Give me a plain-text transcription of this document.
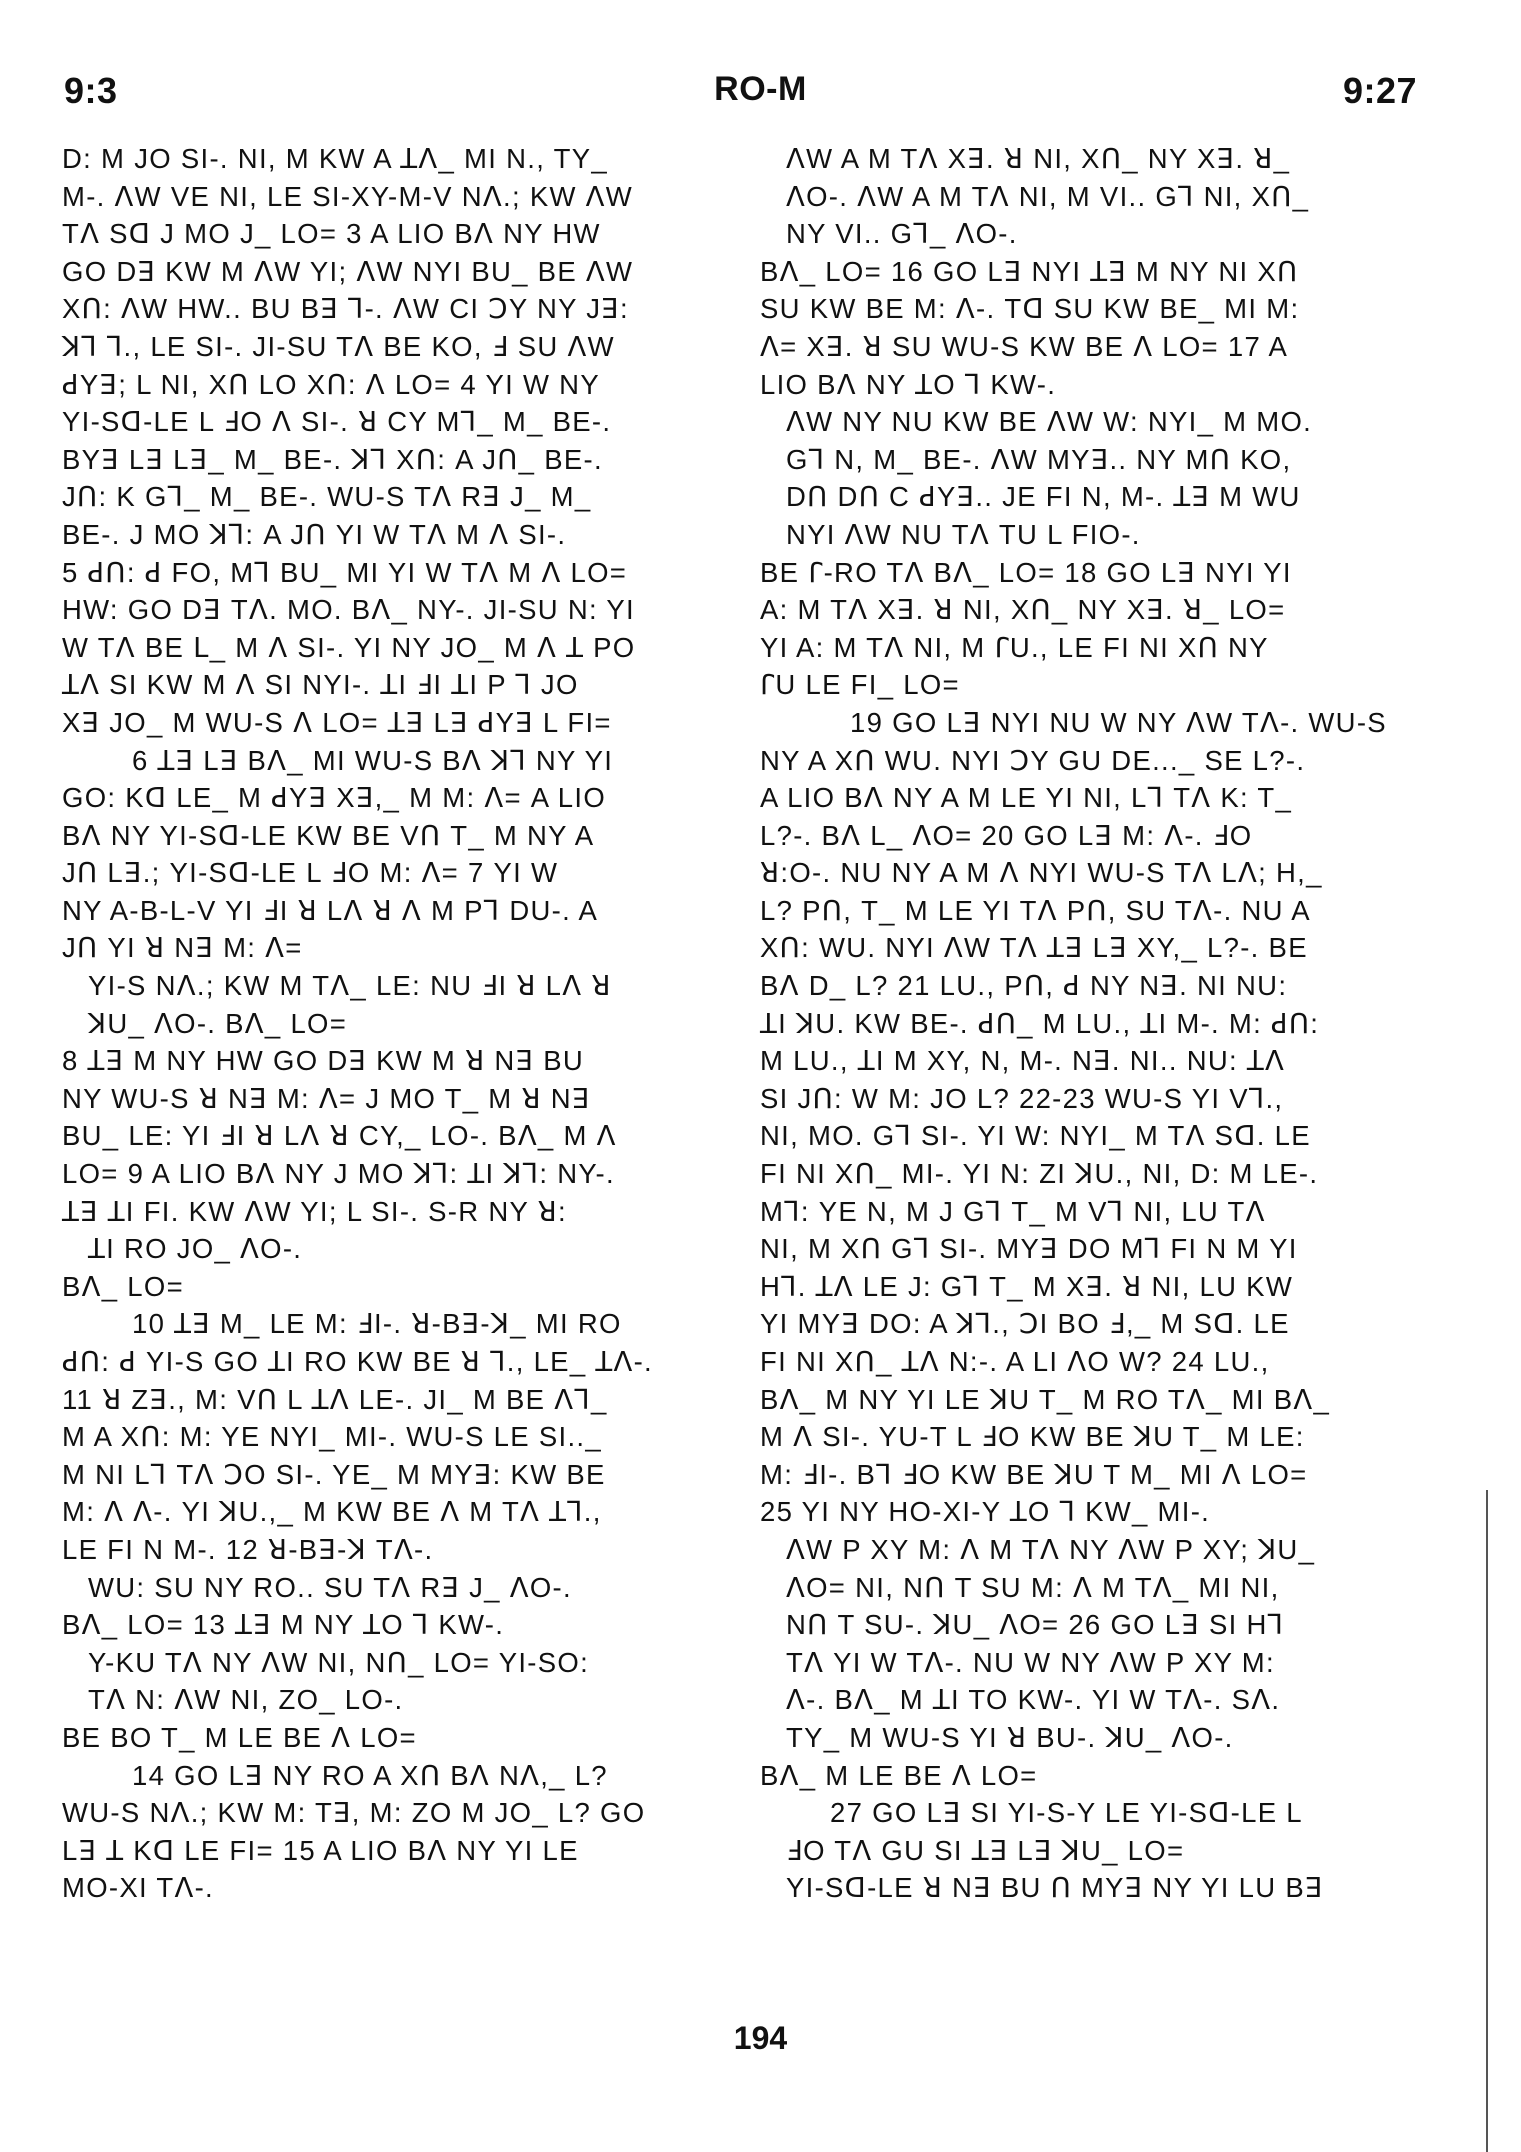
9:3	RO-M	9:27
D: M JO SI-. NI, M KW A ꓕꓥ_ MI N., TY_
M-. ꓥW VE NI, LE SI-XY-M-V Nꓥ.; KW ꓥW
Tꓥ Sꓷ J MO J_ LO= 3 A LIO Bꓥ NY HW
GO Dꓱ KW M ꓥW YI; ꓥW NYI BU_ BE ꓥW
Xꓵ: ꓥW HW.. BU Bꓱ ꓶ-. ꓥW CI ꓛY NY Jꓱ:
ꓘꓶ ꓶ., LE SI-. JI-SU Tꓥ BE KO, ꓞ SU ꓥW
ꓒYꓱ; L NI, Xꓵ LO Xꓵ: ꓥ LO= 4 YI W NY
YI-Sꓷ-LE L ꓞO ꓥ SI-. ꓤ CY Mꓶ_ M_ BE-.
BYꓱ Lꓱ Lꓱ_ M_ BE-. ꓘꓶ Xꓵ: A Jꓵ_ BE-.
Jꓵ: K Gꓶ_ M_ BE-. WU-S Tꓥ Rꓱ J_ M_
BE-. J MO ꓘꓶ: A Jꓵ YI W Tꓥ M ꓥ SI-.
5 ꓒꓵ: ꓒ FO, Mꓶ BU_ MI YI W Tꓥ M ꓥ LO=
HW: GO Dꓱ Tꓥ. MO. Bꓥ_ NY-. JI-SU N: YI
W Tꓥ BE ꓡ_ M ꓥ SI-. YI NY JO_ M ꓥ ꓕ PO
ꓕꓥ SI KW M ꓥ SI NYI-. ꓕI ꓞI ꓕI P ꓶ JO
Xꓱ JO_ M WU-S ꓥ LO= ꓕꓱ Lꓱ ꓒYꓱ L FI=
6 ꓕꓱ Lꓱ Bꓥ_ MI WU-S Bꓥ ꓘꓶ NY YI
GO: Kꓷ LE_ M ꓒYꓱ Xꓱ,_ M M: ꓥ= A LIO
Bꓥ NY YI-Sꓷ-LE KW BE Vꓵ T_ M NY A
Jꓵ Lꓱ.; YI-Sꓷ-LE L ꓞO M: ꓥ= 7 YI W
NY A-B-L-V YI ꓞI ꓤ Lꓥ ꓤ ꓥ M Pꓶ DU-. A
Jꓵ YI ꓤ Nꓱ M: ꓥ=
YI-S Nꓥ.; KW M Tꓥ_ LE: NU ꓞI ꓤ Lꓥ ꓤ
ꓘU_ ꓥO-. Bꓥ_ LO=
8 ꓕꓱ M NY HW GO Dꓱ KW M ꓤ Nꓱ BU
NY WU-S ꓤ Nꓱ M: ꓥ= J MO T_ M ꓤ Nꓱ
BU_ LE: YI ꓞI ꓤ Lꓥ ꓤ CY,_ LO-. Bꓥ_ M ꓥ
LO= 9 A LIO Bꓥ NY J MO ꓘꓶ: ꓕI ꓘꓶ: NY-.
ꓕꓱ ꓕI FI. KW ꓥW YI; L SI-. S-R NY ꓤ:
ꓕI RO JO_ ꓥO-.
Bꓥ_ LO=
10 ꓕꓱ M_ LE M: ꓞI-. ꓤ-Bꓱ-ꓘ_ MI RO
ꓒꓵ: ꓒ YI-S GO ꓕI RO KW BE ꓤ ꓶ., LE_ ꓕꓥ-.
11 ꓤ Zꓱ., M: Vꓵ L ꓕꓥ LE-. JI_ M BE ꓥꓶ_
M A Xꓵ: M: YE NYI_ MI-. WU-S LE SI.._
M NI Lꓶ Tꓥ ꓛO SI-. YE_ M MYꓱ: KW BE
M: ꓥ ꓥ-. YI ꓘU.,_ M KW BE ꓥ M Tꓥ ꓕꓶ.,
LE FI N M-. 12 ꓤ-Bꓱ-ꓘ Tꓥ-.
WU: SU NY RO.. SU Tꓥ Rꓱ J_ ꓥO-.
Bꓥ_ LO= 13 ꓕꓱ M NY ꓕO ꓶ KW-.
Y-KU Tꓥ NY ꓥW NI, Nꓵ_ LO= YI-SO:
Tꓥ N: ꓥW NI, ZO_ LO-.
BE BO T_ M LE BE ꓥ LO=
14 GO Lꓱ NY RO A Xꓵ Bꓥ Nꓥ,_ L?
WU-S Nꓥ.; KW M: Tꓱ, M: ZO M JO_ L? GO
Lꓱ ꓕ Kꓷ LE FI= 15 A LIO Bꓥ NY YI LE
MO-XI Tꓥ-.
ꓥW A M Tꓥ Xꓱ. ꓤ NI, Xꓵ_ NY Xꓱ. ꓤ_
ꓥO-. ꓥW A M Tꓥ NI, M VI.. Gꓶ NI, Xꓵ_
NY VI.. Gꓶ_ ꓥO-.
Bꓥ_ LO= 16 GO Lꓱ NYI ꓕꓱ M NY NI Xꓵ
SU KW BE M: ꓥ-. Tꓷ SU KW BE_ MI M:
ꓥ= Xꓱ. ꓤ SU WU-S KW BE ꓥ LO= 17 A
LIO Bꓥ NY ꓕO ꓶ KW-.
ꓥW NY NU KW BE ꓥW W: NYI_ M MO.
Gꓶ N, M_ BE-. ꓥW MYꓱ.. NY Mꓵ KO,
Dꓵ Dꓵ C ꓒYꓱ.. JE FI N, M-. ꓕꓱ M WU
NYI ꓥW NU Tꓥ TU L FIO-.
BE ꓩ-RO Tꓥ Bꓥ_ LO= 18 GO Lꓱ NYI YI
A: M Tꓥ Xꓱ. ꓤ NI, Xꓵ_ NY Xꓱ. ꓤ_ LO=
YI A: M Tꓥ NI, M ꓩU., LE FI NI Xꓵ NY
ꓩU LE FI_ LO=
19 GO Lꓱ NYI NU W NY ꓥW Tꓥ-. WU-S
NY A Xꓵ WU. NYI ꓛY GU DE..._ SE L?-.
A LIO Bꓥ NY A M LE YI NI, Lꓶ Tꓥ K: T_
L?-. Bꓥ L_ ꓥO= 20 GO Lꓱ M: ꓥ-. ꓞO
ꓤ:O-. NU NY A M ꓥ NYI WU-S Tꓥ Lꓥ; H,_
L? Pꓵ, T_ M LE YI Tꓥ Pꓵ, SU Tꓥ-. NU A
Xꓵ: WU. NYI ꓥW Tꓥ ꓕꓱ Lꓱ XY,_ L?-. BE
Bꓥ D_ L? 21 LU., Pꓵ, ꓒ NY Nꓱ. NI NU:
ꓕI ꓘU. KW BE-. ꓒꓵ_ M LU., ꓕI M-. M: ꓒꓵ:
M LU., ꓕI M XY, N, M-. Nꓱ. NI.. NU: ꓕꓥ
SI Jꓵ: W M: JO L? 22-23 WU-S YI Vꓶ.,
NI, MO. Gꓶ SI-. YI W: NYI_ M Tꓥ Sꓷ. LE
FI NI Xꓵ_ MI-. YI N: ZI ꓘU., NI, D: M LE-.
Mꓶ: YE N, M J Gꓶ T_ M Vꓶ NI, LU Tꓥ
NI, M Xꓵ Gꓶ SI-. MYꓱ DO Mꓶ FI N M YI
Hꓶ. ꓕꓥ LE J: Gꓶ T_ M Xꓱ. ꓤ NI, LU KW
YI MYꓱ DO: A ꓘꓶ., ꓛI BO ꓞ,_ M Sꓷ. LE
FI NI Xꓵ_ ꓕꓥ N:-. A LI ꓥO W? 24 LU.,
Bꓥ_ M NY YI LE ꓘU T_ M RO Tꓥ_ MI Bꓥ_
M ꓥ SI-. YU-T L ꓞO KW BE ꓘU T_ M LE:
M: ꓞI-. Bꓶ ꓞO KW BE ꓘU T M_ MI ꓥ LO=
25 YI NY HO-XI-Y ꓕO ꓶ KW_ MI-.
ꓥW P XY M: ꓥ M Tꓥ NY ꓥW P XY; ꓘU_
ꓥO= NI, Nꓵ T SU M: ꓥ M Tꓥ_ MI NI,
Nꓵ T SU-. ꓘU_ ꓥO= 26 GO Lꓱ SI Hꓶ
Tꓥ YI W Tꓥ-. NU W NY ꓥW P XY M:
ꓥ-. Bꓥ_ M ꓕI TO KW-. YI W Tꓥ-. Sꓥ.
TY_ M WU-S YI ꓤ BU-. ꓘU_ ꓥO-.
Bꓥ_ M LE BE ꓥ LO=
27 GO Lꓱ SI YI-S-Y LE YI-Sꓷ-LE L
ꓞO Tꓥ GU SI ꓕꓱ Lꓱ ꓘU_ LO=
YI-Sꓷ-LE ꓤ Nꓱ BU ꓵ MYꓱ NY YI LU Bꓱ
194
